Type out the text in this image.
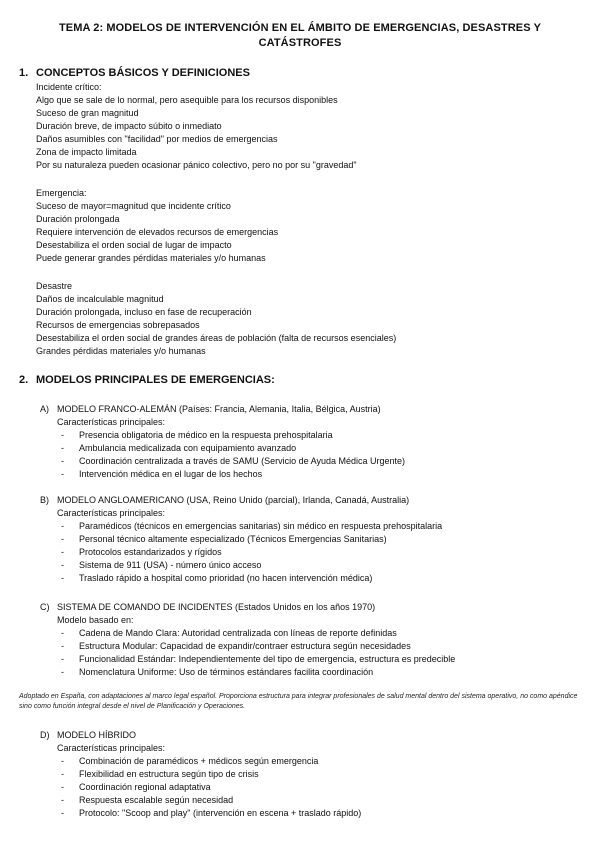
TEMA 2: MODELOS DE INTERVENCIÓN EN EL ÁMBITO DE EMERGENCIAS, DESASTRES Y CATÁSTROFES
1. CONCEPTOS BÁSICOS Y DEFINICIONES
Incidente crítico:
Algo que se sale de lo normal, pero asequible para los recursos disponibles
Suceso de gran magnitud
Duración breve, de impacto súbito o inmediato
Daños asumibles con "facilidad" por medios de emergencias
Zona de impacto limitada
Por su naturaleza pueden ocasionar pánico colectivo, pero no por su "gravedad"
Emergencia:
Suceso de mayor=magnitud que incidente crítico
Duración prolongada
Requiere intervención de elevados recursos de emergencias
Desestabiliza el orden social de lugar de impacto
Puede generar grandes pérdidas materiales y/o humanas
Desastre
Daños de incalculable magnitud
Duración prolongada, incluso en fase de recuperación
Recursos de emergencias sobrepasados
Desestabiliza el orden social de grandes áreas de población (falta de recursos esenciales)
Grandes pérdidas materiales y/o humanas
2. MODELOS PRINCIPALES DE EMERGENCIAS:
A) MODELO FRANCO-ALEMÁN (Países: Francia, Alemania, Italia, Bélgica, Austria)
Características principales:
- Presencia obligatoria de médico en la respuesta prehospitalaria
- Ambulancia medicalizada con equipamiento avanzado
- Coordinación centralizada a través de SAMU (Servicio de Ayuda Médica Urgente)
- Intervención médica en el lugar de los hechos
B) MODELO ANGLOAMERICANO (USA, Reino Unido (parcial), Irlanda, Canadá, Australia)
Características principales:
- Paramédicos (técnicos en emergencias sanitarias) sin médico en respuesta prehospitalaria
- Personal técnico altamente especializado (Técnicos Emergencias Sanitarias)
- Protocolos estandarizados y rígidos
- Sistema de 911 (USA) - número único acceso
- Traslado rápido a hospital como prioridad (no hacen intervención médica)
C) SISTEMA DE COMANDO DE INCIDENTES (Estados Unidos en los años 1970)
Modelo basado en:
- Cadena de Mando Clara: Autoridad centralizada con líneas de reporte definidas
- Estructura Modular: Capacidad de expandir/contraer estructura según necesidades
- Funcionalidad Estándar: Independientemente del tipo de emergencia, estructura es predecible
- Nomenclatura Uniforme: Uso de términos estándares facilita coordinación
Adoptado en España, con adaptaciones al marco legal español. Proporciona estructura para integrar profesionales de salud mental dentro del sistema operativo, no como apéndice sino como función integral desde el nivel de Planificación y Operaciones.
D) MODELO HÍBRIDO
Características principales:
- Combinación de paramédicos + médicos según emergencia
- Flexibilidad en estructura según tipo de crisis
- Coordinación regional adaptativa
- Respuesta escalable según necesidad
- Protocolo: "Scoop and play" (intervención en escena + traslado rápido)
